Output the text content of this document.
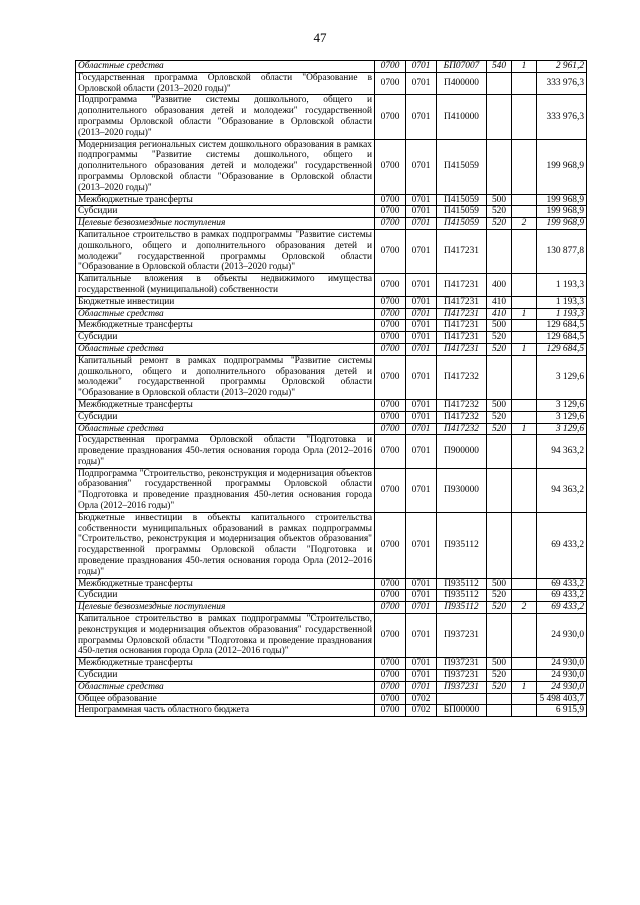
47
Областные средства	0700	0701	БП07007	540	1	2 961,2
Государственная программа Орловской области "Образование в Орловской области (2013–2020 годы)"	0700	0701	П400000			333 976,3
Подпрограмма "Развитие системы дошкольного, общего и дополнительного образования детей и молодежи" государственной программы Орловской области "Образование в Орловской области (2013–2020 годы)"	0700	0701	П410000			333 976,3
Модернизация региональных систем дошкольного образования в рамках подпрограммы "Развитие системы дошкольного, общего и дополнительного образования детей и молодежи" государственной программы Орловской области "Образование в Орловской области (2013–2020 годы)"	0700	0701	П415059			199 968,9
Межбюджетные трансферты	0700	0701	П415059	500		199 968,9
Субсидии	0700	0701	П415059	520		199 968,9
Целевые безвозмездные поступления	0700	0701	П415059	520	2	199 968,9
Капитальное строительство в рамках подпрограммы "Развитие системы дошкольного, общего и дополнительного образования детей и молодежи" государственной программы Орловской области "Образование в Орловской области (2013–2020 годы)"	0700	0701	П417231			130 877,8
Капитальные вложения в объекты недвижимого имущества государственной (муниципальной) собственности	0700	0701	П417231	400		1 193,3
Бюджетные инвестиции	0700	0701	П417231	410		1 193,3
Областные средства	0700	0701	П417231	410	1	1 193,3
Межбюджетные трансферты	0700	0701	П417231	500		129 684,5
Субсидии	0700	0701	П417231	520		129 684,5
Областные средства	0700	0701	П417231	520	1	129 684,5
Капитальный ремонт в рамках подпрограммы "Развитие системы дошкольного, общего и дополнительного образования детей и молодежи" государственной программы Орловской области "Образование в Орловской области (2013–2020 годы)"	0700	0701	П417232			3 129,6
Межбюджетные трансферты	0700	0701	П417232	500		3 129,6
Субсидии	0700	0701	П417232	520		3 129,6
Областные средства	0700	0701	П417232	520	1	3 129,6
Государственная программа Орловской области "Подготовка и проведение празднования 450-летия основания города Орла (2012–2016 годы)"	0700	0701	П900000			94 363,2
Подпрограмма "Строительство, реконструкция и модернизация объектов образования" государственной программы Орловской области "Подготовка и проведение празднования 450-летия основания города Орла (2012–2016 годы)"	0700	0701	П930000			94 363,2
Бюджетные инвестиции в объекты капитального строительства собственности муниципальных образований в рамках подпрограммы "Строительство, реконструкция и модернизация объектов образования" государственной программы Орловской области "Подготовка и проведение празднования 450-летия основания города Орла (2012–2016 годы)"	0700	0701	П935112			69 433,2
Межбюджетные трансферты	0700	0701	П935112	500		69 433,2
Субсидии	0700	0701	П935112	520		69 433,2
Целевые безвозмездные поступления	0700	0701	П935112	520	2	69 433,2
Капитальное строительство в рамках подпрограммы "Строительство, реконструкция и модернизация объектов образования" государственной программы Орловской области "Подготовка и проведение празднования 450-летия основания города Орла (2012–2016 годы)"	0700	0701	П937231			24 930,0
Межбюджетные трансферты	0700	0701	П937231	500		24 930,0
Субсидии	0700	0701	П937231	520		24 930,0
Областные средства	0700	0701	П937231	520	1	24 930,0
Общее образование	0700	0702				5 498 403,7
Непрограммная часть областного бюджета	0700	0702	БП00000			6 915,9
